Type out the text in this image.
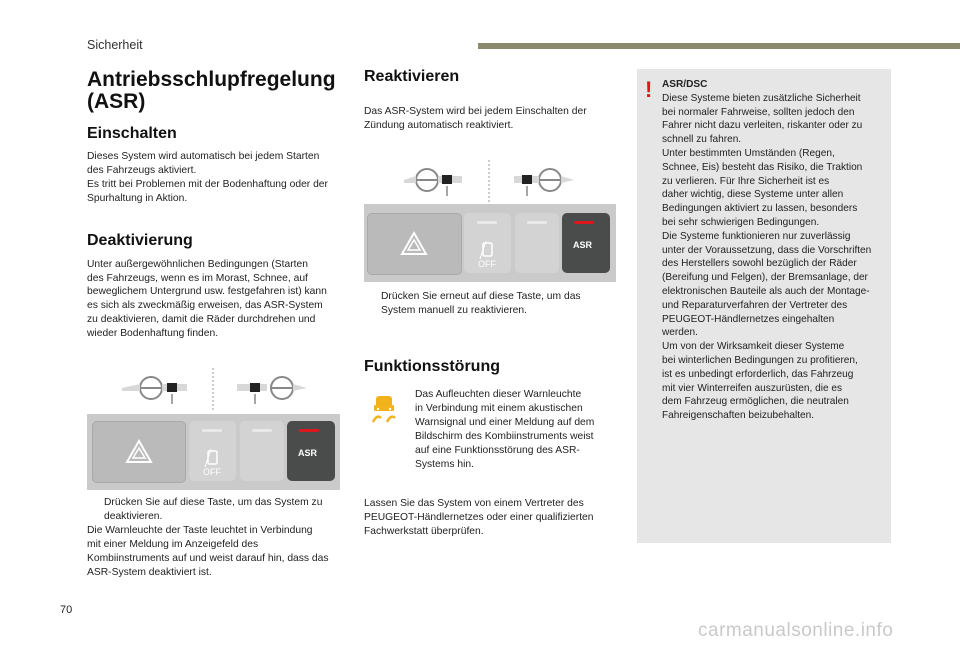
Sicherheit
Antriebsschlupfregelung
(ASR)
Einschalten

Dieses System wird automatisch bei jedem Starten

des Fahrzeugs aktiviert.

Es tritt bei Problemen mit der Bodenhaftung oder der

Spurhaltung in Aktion.

Deaktivierung

Unter außergewöhnlichen Bedingungen (Starten

des Fahrzeugs, wenn es im Morast, Schnee, auf

beweglichem Untergrund usw. festgefahren ist) kann

es sich als zweckmäßig erweisen, das ASR-System

zu deaktivieren, damit die Räder durchdrehen und

wieder Bodenhaftung finden.

OFF
ASR
Drücken Sie auf diese Taste, um das System zu
deaktivieren.

Die Warnleuchte der Taste leuchtet in Verbindung

mit einer Meldung im Anzeigefeld des

Kombiinstruments auf und weist darauf hin, dass das

ASR-System deaktiviert ist.

Reaktivieren

Das ASR-System wird bei jedem Einschalten der

Zündung automatisch reaktiviert.

OFF
ASR
Drücken Sie erneut auf diese Taste, um das
System manuell zu reaktivieren.
Funktionsstörung

Das Aufleuchten dieser Warnleuchte

in Verbindung mit einem akustischen

Warnsignal und einer Meldung auf dem

Bildschirm des Kombiinstruments weist

auf eine Funktionsstörung des ASR-

Systems hin.

Lassen Sie das System von einem Vertreter des

PEUGEOT-Händlernetzes oder einer qualifizierten

Fachwerkstatt überprüfen.

! ASR/DSC
Diese Systeme bieten zusätzliche Sicherheit
bei normaler Fahrweise, sollten jedoch den
Fahrer nicht dazu verleiten, riskanter oder zu
schnell zu fahren.
Unter bestimmten Umständen (Regen,
Schnee, Eis) besteht das Risiko, die Traktion
zu verlieren. Für Ihre Sicherheit ist es
daher wichtig, diese Systeme unter allen
Bedingungen aktiviert zu lassen, besonders
bei sehr schwierigen Bedingungen.
Die Systeme funktionieren nur zuverlässig
unter der Voraussetzung, dass die Vorschriften
des Herstellers sowohl bezüglich der Räder
(Bereifung und Felgen), der Bremsanlage, der
elektronischen Bauteile als auch der Montage-
und Reparaturverfahren der Vertreter des
PEUGEOT-Händlernetzes eingehalten
werden.
Um von der Wirksamkeit dieser Systeme
bei winterlichen Bedingungen zu profitieren,
ist es unbedingt erforderlich, das Fahrzeug
mit vier Winterreifen auszurüsten, die es
dem Fahrzeug ermöglichen, die neutralen
Fahreigenschaften beizubehalten.
70
carmanualsonline.info
